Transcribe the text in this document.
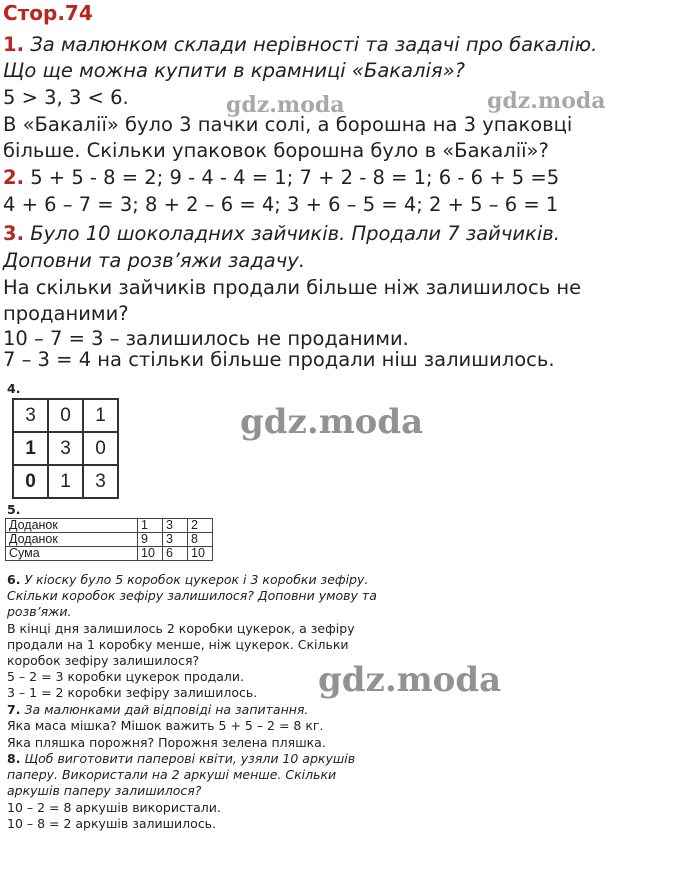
Стор.74
1. За малюнком склади нерівності та задачі про бакалію.
Що ще можна купити в крамниці «Бакалія»?
5 > 3, 3 < 6.
В «Бакалії» було 3 пачки солі, а борошна на 3 упаковці
більше. Скільки упаковок борошна було в «Бакалії»?
2. 5 + 5 - 8 = 2; 9 - 4 - 4 = 1; 7 + 2 - 8 = 1; 6 - 6 + 5 =5
4 + 6 – 7 = 3; 8 + 2 – 6 = 4; 3 + 6 – 5 = 4; 2 + 5 – 6 = 1
3. Було 10 шоколадних зайчиків. Продали 7 зайчиків.
Доповни та розв’яжи задачу.
На скільки зайчиків продали більше ніж залишилось не
проданими?
10 – 7 = 3 – залишилось не проданими.
7 – 3 = 4 на стільки більше продали ніш залишилось.
gdz.moda	gdz.moda
gdz.moda
gdz.moda
4.
3	0	1
1	3	0
0	1	3
5.
Доданок	1	3	2
Доданок	9	3	8
Сума	10	6	10
6. У кіоску було 5 коробок цукерок і 3 коробки зефіру.
Скільки коробок зефіру залишилося? Доповни умову та
розв’яжи.
В кінці дня залишилось 2 коробки цукерок, а зефіру
продали на 1 коробку менше, ніж цукерок. Скільки
коробок зефіру залишилося?
5 – 2 = 3 коробки цукерок продали.
3 – 1 = 2 коробки зефіру залишилось.
7. За малюнками дай відповіді на запитання.
Яка маса мішка? Мішок важить 5 + 5 – 2 = 8 кг.
Яка пляшка порожня? Порожня зелена пляшка.
8. Щоб виготовити паперові квіти, узяли 10 аркушів
паперу. Використали на 2 аркуші менше. Скільки
аркушів паперу залишилося?
10 – 2 = 8 аркушів використали.
10 – 8 = 2 аркушів залишилось.
